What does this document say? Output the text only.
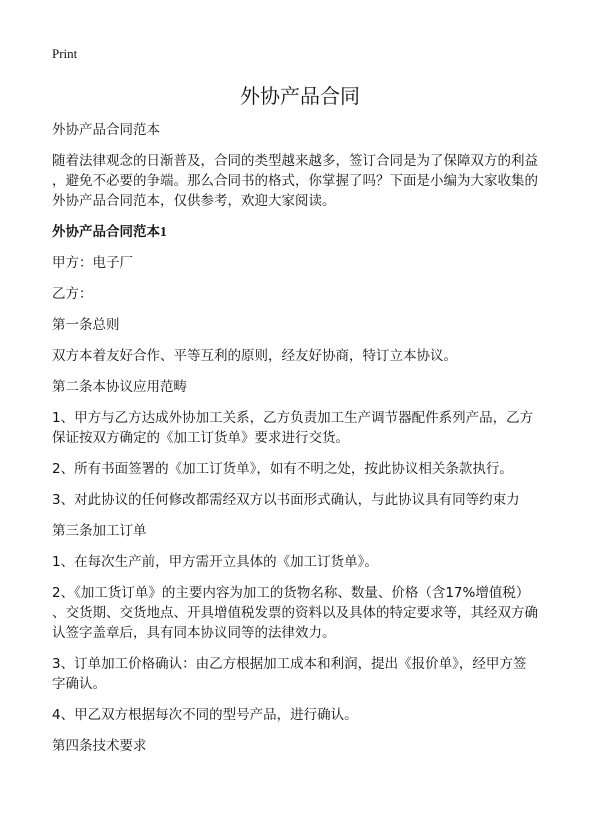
Print
外协产品合同

外协产品合同范本

随着法律观念的日渐普及，合同的类型越来越多，签订合同是为了保障双方的利益
，避免不必要的争端。那么合同书的格式，你掌握了吗？下面是小编为大家收集的
外协产品合同范本，仅供参考，欢迎大家阅读。

外协产品合同范本1

甲方：电子厂

乙方：

第一条总则

双方本着友好合作、平等互利的原则，经友好协商，特订立本协议。

第二条本协议应用范畴

1、甲方与乙方达成外协加工关系，乙方负责加工生产调节器配件系列产品，乙方
保证按双方确定的《加工订货单》要求进行交货。

2、所有书面签署的《加工订货单》，如有不明之处，按此协议相关条款执行。

3、对此协议的任何修改都需经双方以书面形式确认，与此协议具有同等约束力

第三条加工订单

1、在每次生产前，甲方需开立具体的《加工订货单》。

2、《加工货订单》的主要内容为加工的货物名称、数量、价格（含17%增值税）
、交货期、交货地点、开具增值税发票的资料以及具体的特定要求等，其经双方确
认签字盖章后，具有同本协议同等的法律效力。

3、订单加工价格确认：由乙方根据加工成本和利润，提出《报价单》，经甲方签
字确认。

4、甲乙双方根据每次不同的型号产品，进行确认。

第四条技术要求
